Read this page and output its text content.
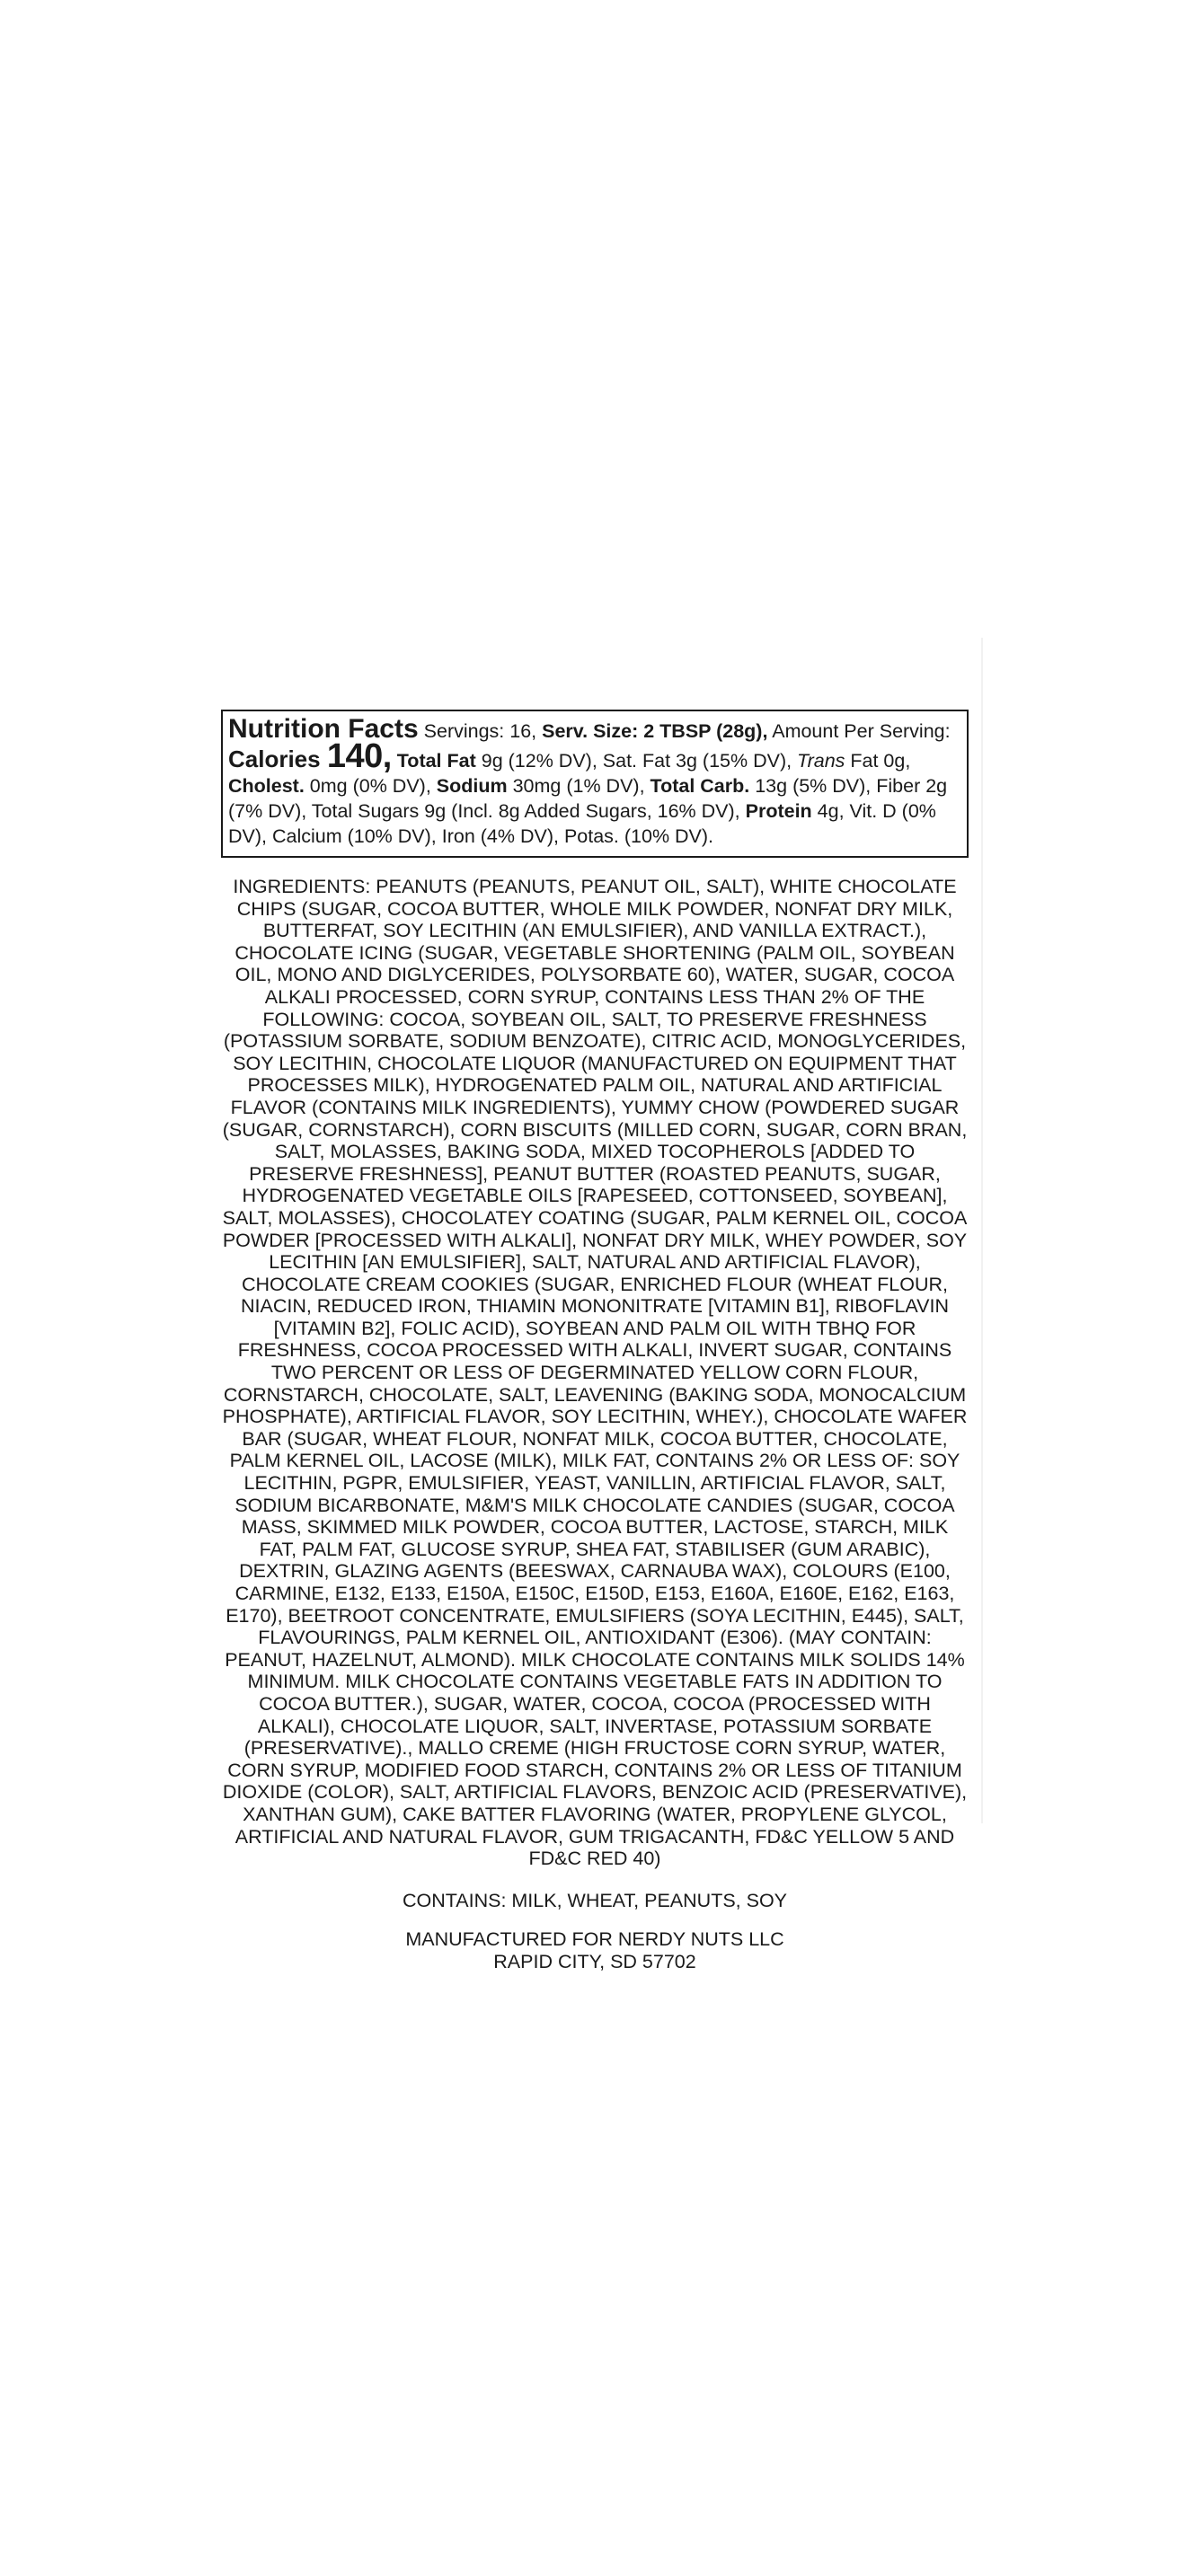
Nutrition Facts Servings: 16, Serv. Size: 2 TBSP (28g), Amount Per Serving: Calories 140, Total Fat 9g (12% DV), Sat. Fat 3g (15% DV), Trans Fat 0g, Cholest. 0mg (0% DV), Sodium 30mg (1% DV), Total Carb. 13g (5% DV), Fiber 2g (7% DV), Total Sugars 9g (Incl. 8g Added Sugars, 16% DV), Protein 4g, Vit. D (0% DV), Calcium (10% DV), Iron (4% DV), Potas. (10% DV).
INGREDIENTS: PEANUTS (PEANUTS, PEANUT OIL, SALT), WHITE CHOCOLATE CHIPS (SUGAR, COCOA BUTTER, WHOLE MILK POWDER, NONFAT DRY MILK, BUTTERFAT, SOY LECITHIN (AN EMULSIFIER), AND VANILLA EXTRACT.), CHOCOLATE ICING (SUGAR, VEGETABLE SHORTENING (PALM OIL, SOYBEAN OIL, MONO AND DIGLYCERIDES, POLYSORBATE 60), WATER, SUGAR, COCOA ALKALI PROCESSED, CORN SYRUP, CONTAINS LESS THAN 2% OF THE FOLLOWING: COCOA, SOYBEAN OIL, SALT, TO PRESERVE FRESHNESS (POTASSIUM SORBATE, SODIUM BENZOATE), CITRIC ACID, MONOGLYCERIDES, SOY LECITHIN, CHOCOLATE LIQUOR (MANUFACTURED ON EQUIPMENT THAT PROCESSES MILK), HYDROGENATED PALM OIL, NATURAL AND ARTIFICIAL FLAVOR (CONTAINS MILK INGREDIENTS), YUMMY CHOW (POWDERED SUGAR (SUGAR, CORNSTARCH), CORN BISCUITS (MILLED CORN, SUGAR, CORN BRAN, SALT, MOLASSES, BAKING SODA, MIXED TOCOPHEROLS [ADDED TO PRESERVE FRESHNESS], PEANUT BUTTER (ROASTED PEANUTS, SUGAR, HYDROGENATED VEGETABLE OILS [RAPESEED, COTTONSEED, SOYBEAN], SALT, MOLASSES), CHOCOLATEY COATING (SUGAR, PALM KERNEL OIL, COCOA POWDER [PROCESSED WITH ALKALI], NONFAT DRY MILK, WHEY POWDER, SOY LECITHIN [AN EMULSIFIER], SALT, NATURAL AND ARTIFICIAL FLAVOR), CHOCOLATE CREAM COOKIES (SUGAR, ENRICHED FLOUR (WHEAT FLOUR, NIACIN, REDUCED IRON, THIAMIN MONONITRATE [VITAMIN B1], RIBOFLAVIN [VITAMIN B2], FOLIC ACID), SOYBEAN AND PALM OIL WITH TBHQ FOR FRESHNESS, COCOA PROCESSED WITH ALKALI, INVERT SUGAR, CONTAINS TWO PERCENT OR LESS OF DEGERMINATED YELLOW CORN FLOUR, CORNSTARCH, CHOCOLATE, SALT, LEAVENING (BAKING SODA, MONOCALCIUM PHOSPHATE), ARTIFICIAL FLAVOR, SOY LECITHIN, WHEY.), CHOCOLATE WAFER BAR (SUGAR, WHEAT FLOUR, NONFAT MILK, COCOA BUTTER, CHOCOLATE, PALM KERNEL OIL, LACOSE (MILK), MILK FAT, CONTAINS 2% OR LESS OF: SOY LECITHIN, PGPR, EMULSIFIER, YEAST, VANILLIN, ARTIFICIAL FLAVOR, SALT, SODIUM BICARBONATE, M&M'S MILK CHOCOLATE CANDIES (SUGAR, COCOA MASS, SKIMMED MILK POWDER, COCOA BUTTER, LACTOSE, STARCH, MILK FAT, PALM FAT, GLUCOSE SYRUP, SHEA FAT, STABILISER (GUM ARABIC), DEXTRIN, GLAZING AGENTS (BEESWAX, CARNAUBA WAX), COLOURS (E100, CARMINE, E132, E133, E150A, E150C, E150D, E153, E160A, E160E, E162, E163, E170), BEETROOT CONCENTRATE, EMULSIFIERS (SOYA LECITHIN, E445), SALT, FLAVOURINGS, PALM KERNEL OIL, ANTIOXIDANT (E306). (MAY CONTAIN: PEANUT, HAZELNUT, ALMOND). MILK CHOCOLATE CONTAINS MILK SOLIDS 14% MINIMUM. MILK CHOCOLATE CONTAINS VEGETABLE FATS IN ADDITION TO COCOA BUTTER.), SUGAR, WATER, COCOA, COCOA (PROCESSED WITH ALKALI), CHOCOLATE LIQUOR, SALT, INVERTASE, POTASSIUM SORBATE (PRESERVATIVE)., MALLO CREME (HIGH FRUCTOSE CORN SYRUP, WATER, CORN SYRUP, MODIFIED FOOD STARCH, CONTAINS 2% OR LESS OF TITANIUM DIOXIDE (COLOR), SALT, ARTIFICIAL FLAVORS, BENZOIC ACID (PRESERVATIVE), XANTHAN GUM), CAKE BATTER FLAVORING (WATER, PROPYLENE GLYCOL, ARTIFICIAL AND NATURAL FLAVOR, GUM TRIGACANTH, FD&C YELLOW 5 AND FD&C RED 40)
CONTAINS: MILK, WHEAT, PEANUTS, SOY
MANUFACTURED FOR NERDY NUTS LLC
RAPID CITY, SD 57702
